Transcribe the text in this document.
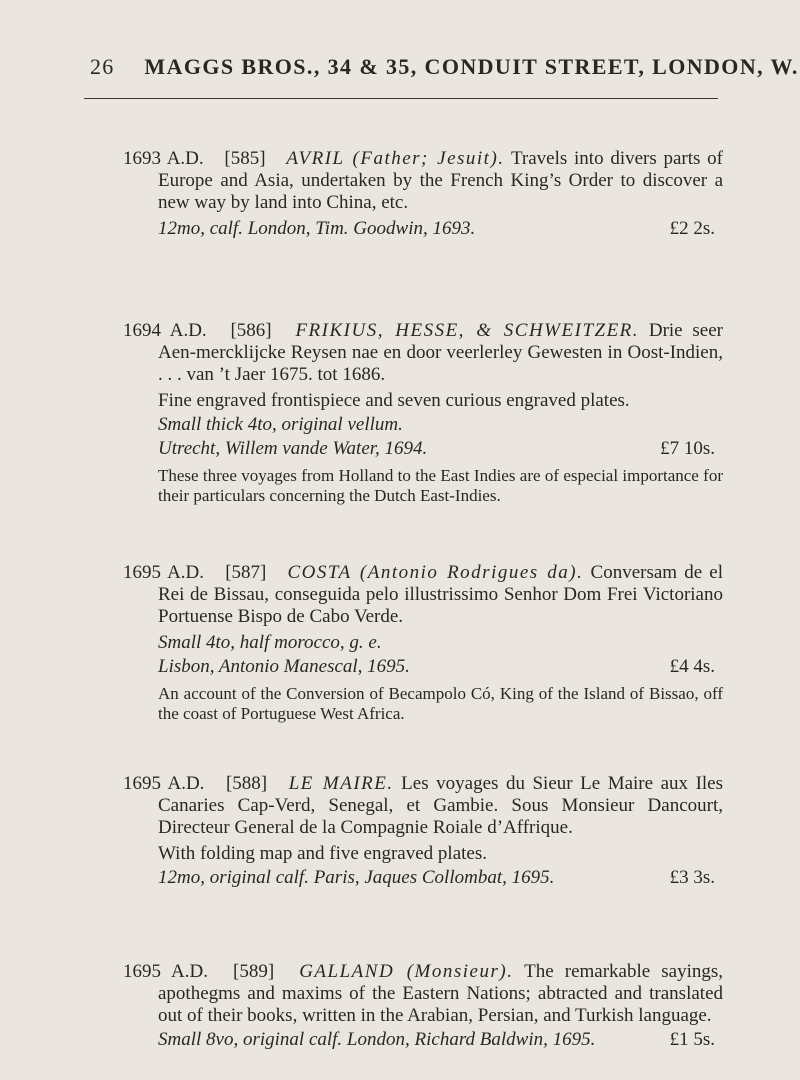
26 MAGGS BROS., 34 & 35, CONDUIT STREET, LONDON, W.
1693 A.D. [585] AVRIL (Father; Jesuit). Travels into divers parts of Europe and Asia, undertaken by the French King’s Order to discover a new way by land into China, etc.
12mo, calf. London, Tim. Goodwin, 1693.	£2 2s.
1694 A.D. [586] FRIKIUS, HESSE, & SCHWEITZER. Drie seer Aen-mercklijcke Reysen nae en door veerlerley Gewesten in Oost-Indien, . . . van ’t Jaer 1675. tot 1686.
Fine engraved frontispiece and seven curious engraved plates.
Small thick 4to, original vellum.
Utrecht, Willem vande Water, 1694.	£7 10s.
These three voyages from Holland to the East Indies are of especial importance for their particulars concerning the Dutch East-Indies.
1695 A.D. [587] COSTA (Antonio Rodrigues da). Conversam de el Rei de Bissau, conseguida pelo illustrissimo Senhor Dom Frei Victoriano Portuense Bispo de Cabo Verde.
Small 4to, half morocco, g. e.
Lisbon, Antonio Manescal, 1695.	£4 4s.
An account of the Conversion of Becampolo Có, King of the Island of Bissao, off the coast of Portuguese West Africa.
1695 A.D. [588] LE MAIRE. Les voyages du Sieur Le Maire aux Iles Canaries Cap-Verd, Senegal, et Gambie. Sous Monsieur Dancourt, Directeur General de la Compagnie Roiale d’Affrique.
With folding map and five engraved plates.
12mo, original calf. Paris, Jaques Collombat, 1695.	£3 3s.
1695 A.D. [589] GALLAND (Monsieur). The remarkable sayings, apothegms and maxims of the Eastern Nations; abtracted and translated out of their books, written in the Arabian, Persian, and Turkish language.
Small 8vo, original calf. London, Richard Baldwin, 1695.	£1 5s.
